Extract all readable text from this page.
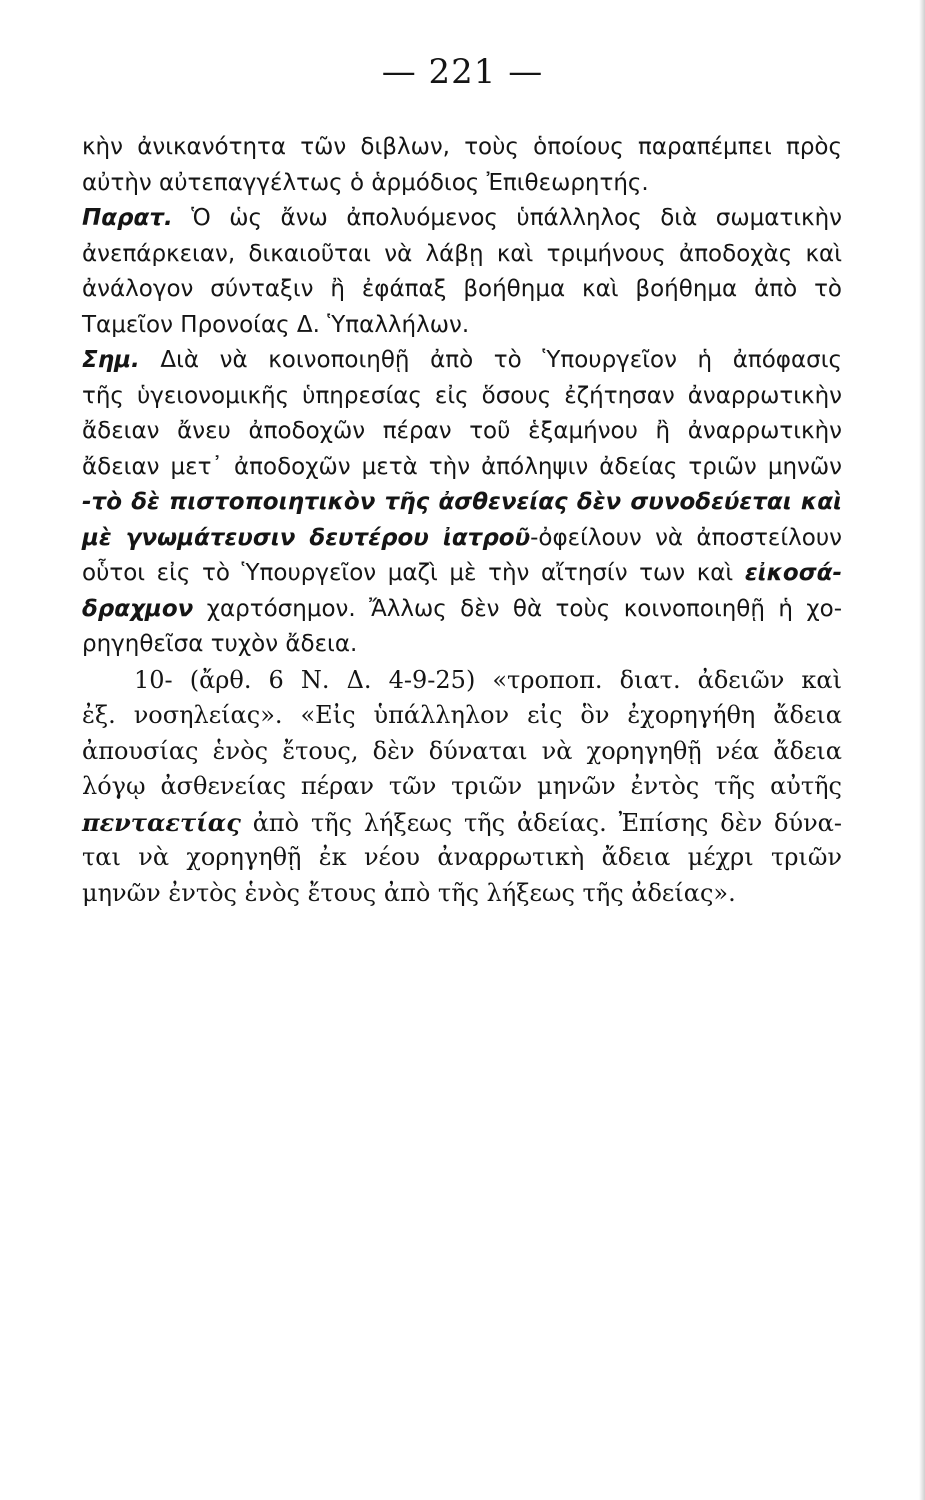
— 221 —
κὴν ἀνικανότητα τῶν διβλων, τοὺς ὁποίους παραπέμπει πρὸς
αὐτὴν αὐτεπαγγέλτως ὁ ἁρμόδιος Ἐπιθεωρητής.
Παρατ. Ὁ ὡς ἄνω ἀπολυόμενος ὑπάλληλος διὰ σωματικὴν
ἀνεπάρκειαν, δικαιοῦται νὰ λάβῃ καὶ τριμήνους ἀποδοχὰς καὶ
ἀνάλογον σύνταξιν ἢ ἐφάπαξ βοήθημα καὶ βοήθημα ἀπὸ τὸ
Ταμεῖον Προνοίας Δ. Ὑπαλλήλων.
Σημ. Διὰ νὰ κοινοποιηθῇ ἀπὸ τὸ Ὑπουργεῖον ἡ ἀπόφασις
τῆς ὑγειονομικῆς ὑπηρεσίας εἰς ὅσους ἐζήτησαν ἀναρρωτικὴν
ἄδειαν ἄνευ ἀποδοχῶν πέραν τοῦ ἑξαμήνου ἢ ἀναρρωτικὴν
ἄδειαν μετ᾽ ἀποδοχῶν μετὰ τὴν ἀπόληψιν ἀδείας τριῶν μηνῶν
-τὸ δὲ πιστοποιητικὸν τῆς ἀσθενείας δὲν συνοδεύεται καὶ
μὲ γνωμάτευσιν δευτέρου ἰατροῦ-ὀφείλουν νὰ ἀποστείλουν
οὗτοι εἰς τὸ Ὑπουργεῖον μαζὶ μὲ τὴν αἴτησίν των καὶ εἰκοσά-
δραχμον χαρτόσημον. Ἄλλως δὲν θὰ τοὺς κοινοποιηθῇ ἡ χο-
ρηγηθεῖσα τυχὸν ἄδεια.
10- (ἄρθ. 6 Ν. Δ. 4-9-25) «τροποπ. διατ. ἀδειῶν καὶ
ἐξ. νοσηλείας». «Εἰς ὑπάλληλον εἰς ὃν ἐχορηγήθη ἄδεια
ἀπουσίας ἑνὸς ἔτους, δὲν δύναται νὰ χορηγηθῇ νέα ἄδεια
λόγῳ ἀσθενείας πέραν τῶν τριῶν μηνῶν ἐντὸς τῆς αὐτῆς
πενταετίας ἀπὸ τῆς λήξεως τῆς ἀδείας. Ἐπίσης δὲν δύνα-
ται νὰ χορηγηθῇ ἐκ νέου ἀναρρωτικὴ ἄδεια μέχρι τριῶν
μηνῶν ἐντὸς ἑνὸς ἔτους ἀπὸ τῆς λήξεως τῆς ἀδείας».
